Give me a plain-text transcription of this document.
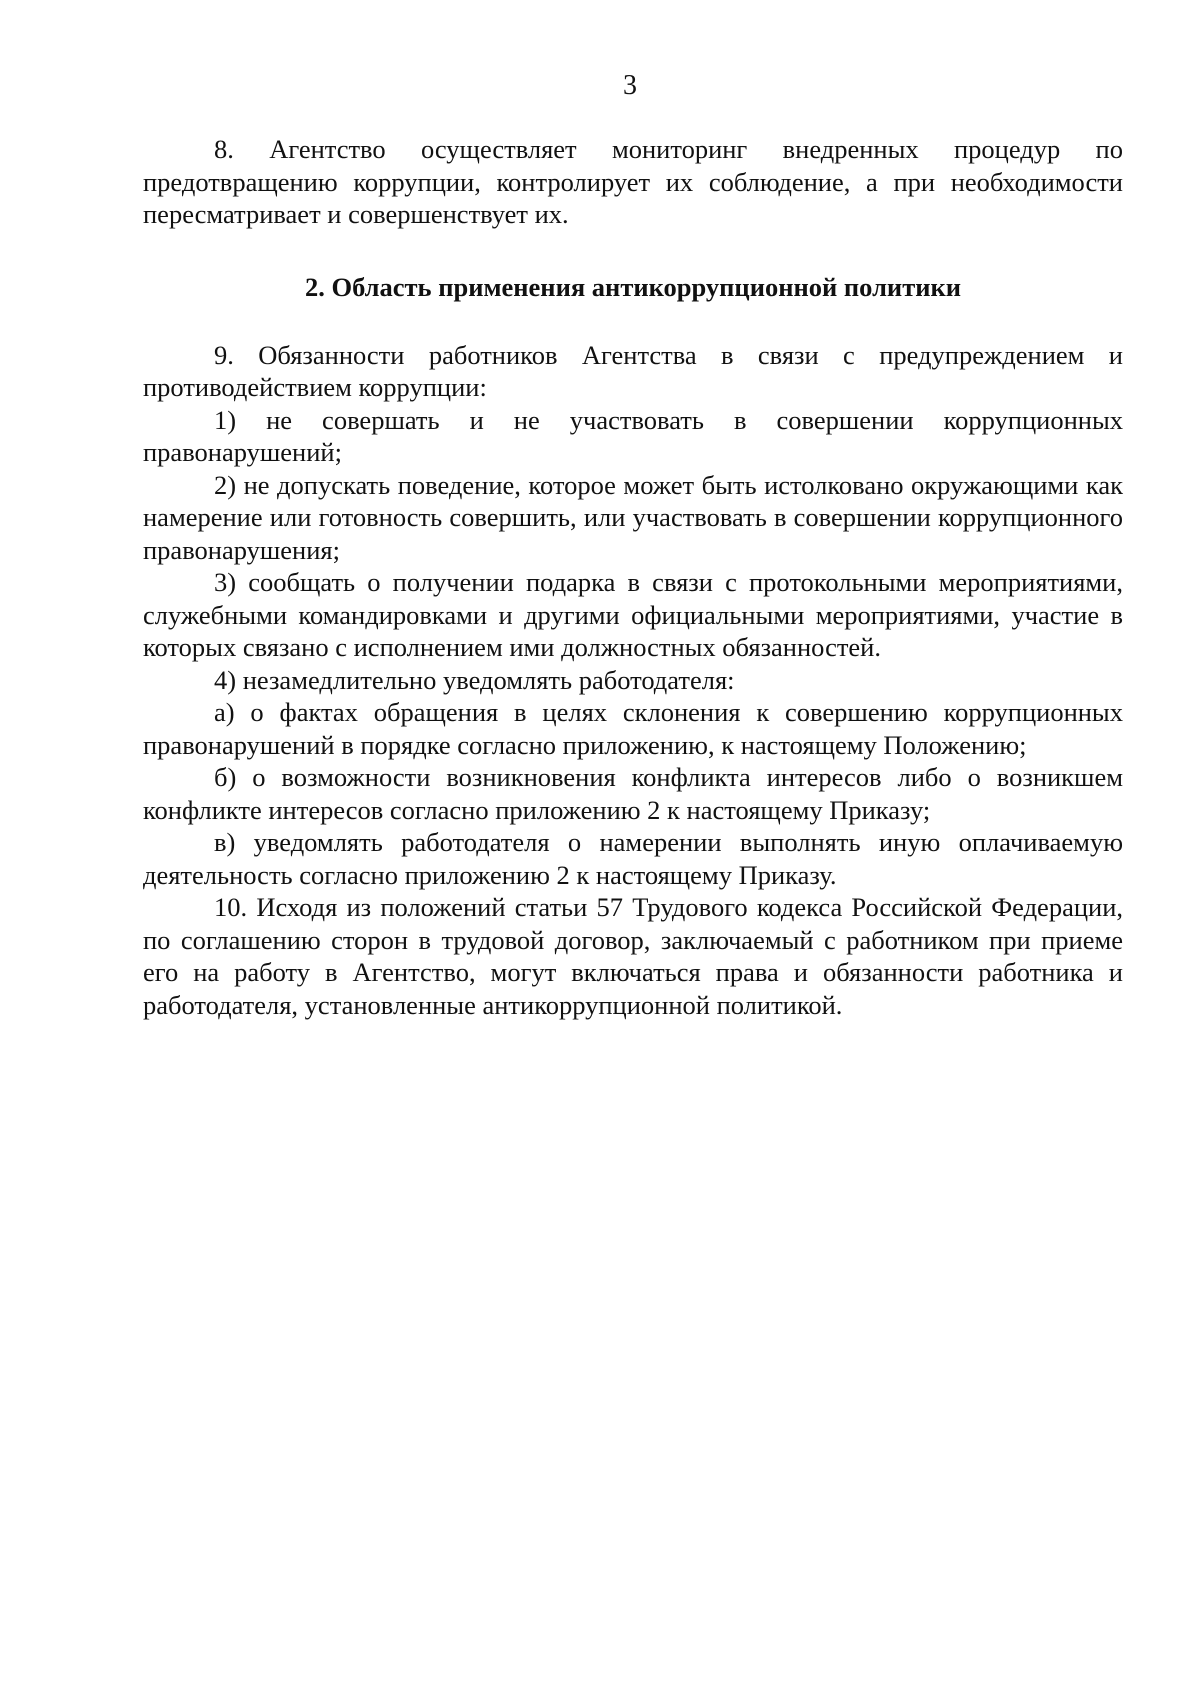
3

8. Агентство осуществляет мониторинг внедренных процедур по предотвращению коррупции, контролирует их соблюдение, а при необходимости пересматривает и совершенствует их.

2. Область применения антикоррупционной политики

9. Обязанности работников Агентства в связи с предупреждением и противодействием коррупции:

1) не совершать и не участвовать в совершении коррупционных правонарушений;

2) не допускать поведение, которое может быть истолковано окружающими как намерение или готовность совершить, или участвовать в совершении коррупционного правонарушения;

3) сообщать о получении подарка в связи с протокольными мероприятиями, служебными командировками и другими официальными мероприятиями, участие в которых связано с исполнением ими должностных обязанностей.

4) незамедлительно уведомлять работодателя:

а) о фактах обращения в целях склонения к совершению коррупционных правонарушений в порядке согласно приложению, к настоящему Положению;

б) о возможности возникновения конфликта интересов либо о возникшем конфликте интересов согласно приложению 2 к настоящему Приказу;

в) уведомлять работодателя о намерении выполнять иную оплачиваемую деятельность согласно приложению 2 к настоящему Приказу.

10. Исходя из положений статьи 57 Трудового кодекса Российской Федерации, по соглашению сторон в трудовой договор, заключаемый с работником при приеме его на работу в Агентство, могут включаться права и обязанности работника и работодателя, установленные антикоррупционной политикой.
